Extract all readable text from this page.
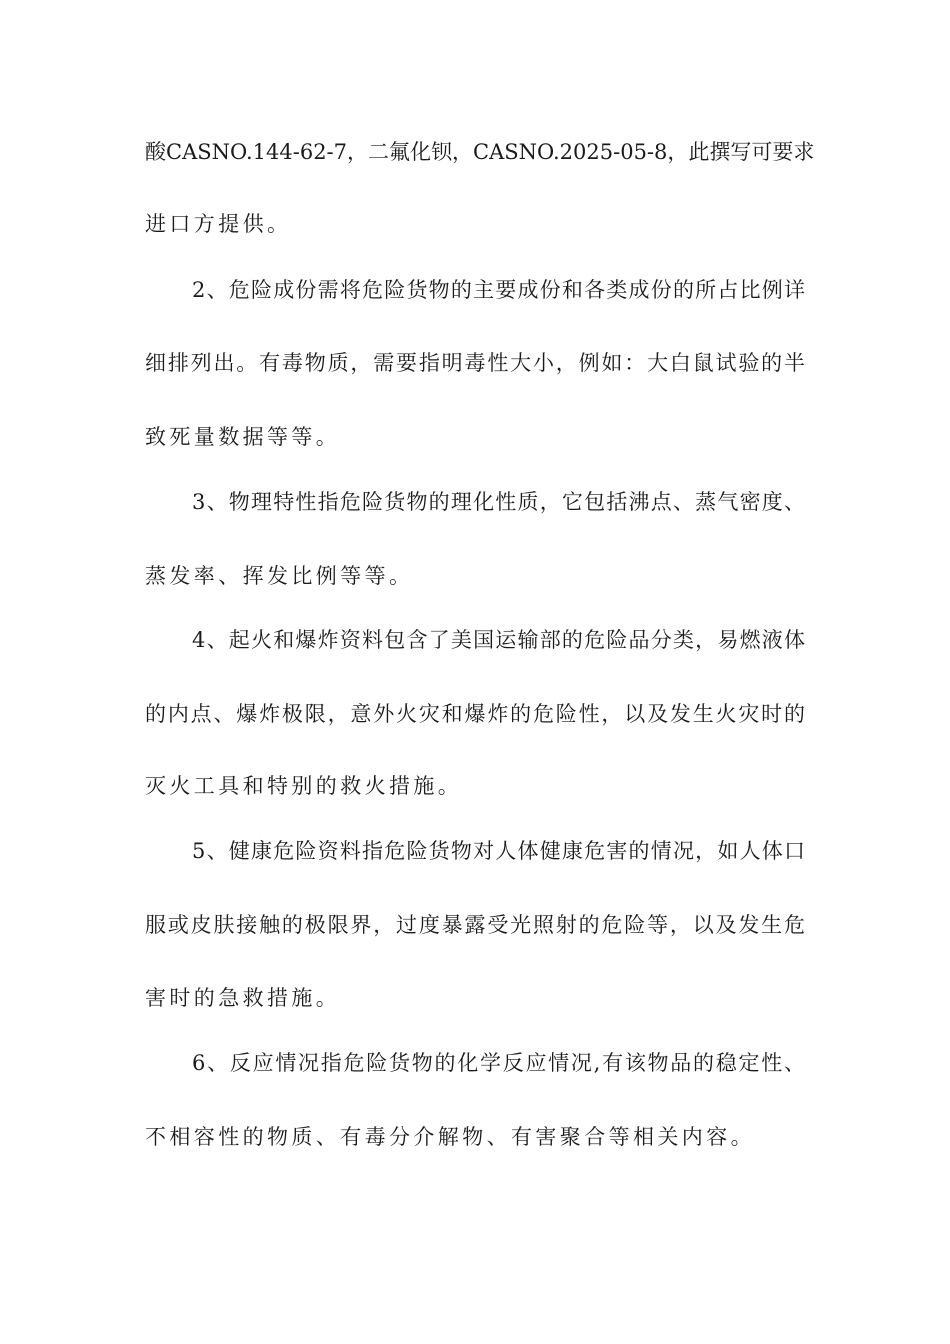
酸CASNO.144-62-7，二氟化钡，CASNO.2025-05-8，此撰写可要求
进口方提供。
2、危险成份需将危险货物的主要成份和各类成份的所占比例详
细排列出。有毒物质，需要指明毒性大小，例如：大白鼠试验的半
致死量数据等等。
3、物理特性指危险货物的理化性质，它包括沸点、蒸气密度、
蒸发率、挥发比例等等。
4、起火和爆炸资料包含了美国运输部的危险品分类，易燃液体
的内点、爆炸极限，意外火灾和爆炸的危险性，以及发生火灾时的
灭火工具和特别的救火措施。
5、健康危险资料指危险货物对人体健康危害的情况，如人体口
服或皮肤接触的极限界，过度暴露受光照射的危险等，以及发生危
害时的急救措施。
6、反应情况指危险货物的化学反应情况,有该物品的稳定性、
不相容性的物质、有毒分介解物、有害聚合等相关内容。
